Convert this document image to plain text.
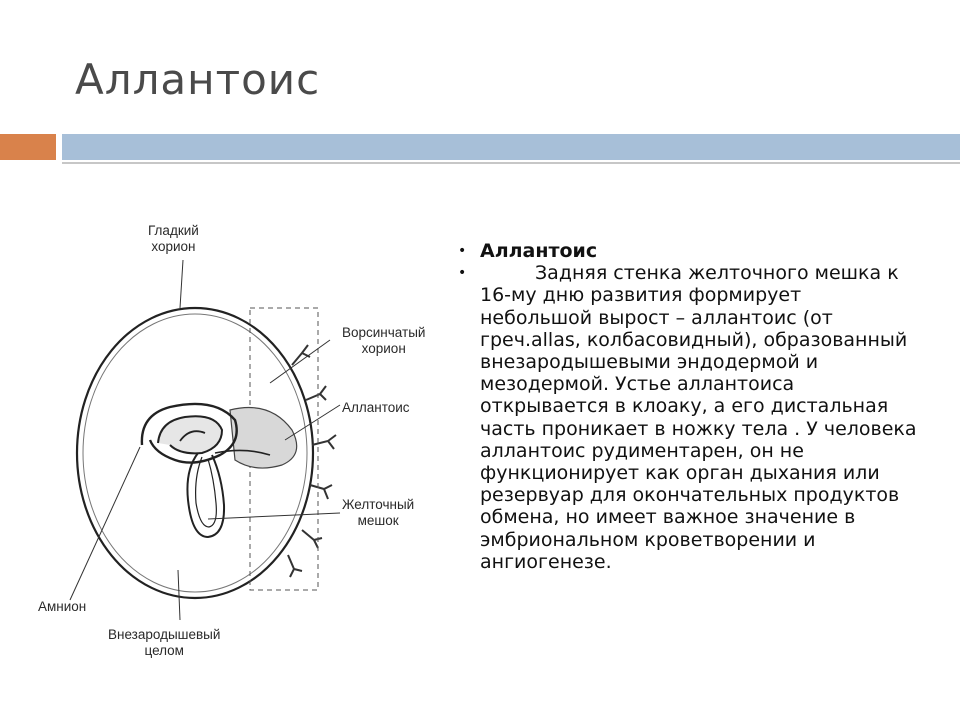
Аллантоис
Гладкий
хорион
Ворсинчатый
хорион
Аллантоис
Желточный
мешок
Амнион
Внезародышевый
целом
• Аллантоис
•	Задняя стенка желточного мешка к 16-му дню развития формирует небольшой вырост – аллантоис (от греч.allas, колбасовидный), образованный внезародышевыми эндодермой и мезодермой. Устье аллантоиса открывается в клоаку, а его дистальная часть проникает в ножку тела . У человека аллантоис рудиментарен, он не функционирует как орган дыхания или резервуар для окончательных продуктов обмена, но имеет важное значение в эмбриональном кроветворении и ангиогенезе.
